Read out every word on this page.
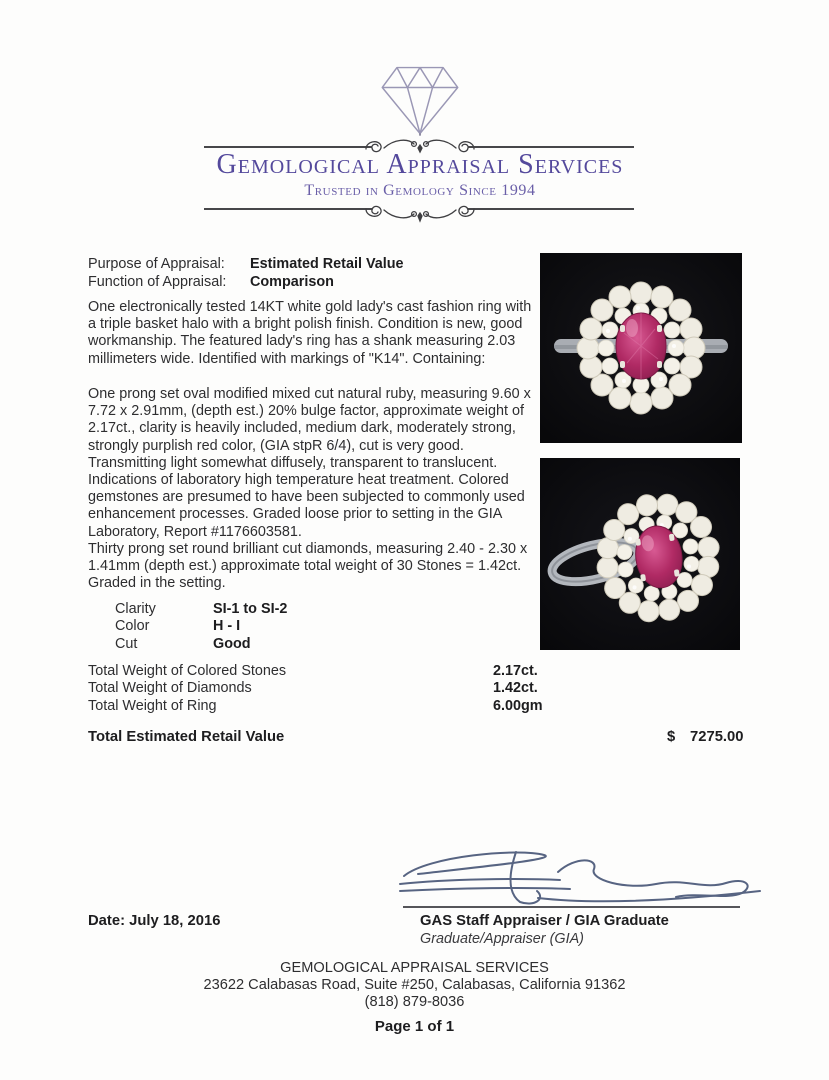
Gemological Appraisal Services
Trusted in Gemology Since 1994
Purpose of Appraisal:	Estimated Retail Value
Function of Appraisal:	Comparison
One electronically tested 14KT white gold lady's cast fashion ring with a triple basket halo with a bright polish finish. Condition is new, good workmanship. The featured lady's ring has a shank measuring 2.03 millimeters wide. Identified with markings of "K14". Containing:
One prong set oval modified mixed cut natural ruby, measuring 9.60 x 7.72 x 2.91mm, (depth est.) 20% bulge factor, approximate weight of 2.17ct., clarity is heavily included, medium dark, moderately strong, strongly purplish red color, (GIA stpR 6/4), cut is very good. Transmitting light somewhat diffusely, transparent to translucent. Indications of laboratory high temperature heat treatment. Colored gemstones are presumed to have been subjected to commonly used enhancement processes. Graded loose prior to setting in the GIA Laboratory, Report #1176603581.
Thirty prong set round brilliant cut diamonds, measuring 2.40 - 2.30 x 1.41mm (depth est.) approximate total weight of 30 Stones = 1.42ct. Graded in the setting.
Clarity	SI-1 to SI-2
Color	H - I
Cut	Good
Total Weight of Colored Stones	2.17ct.
Total Weight of Diamonds	1.42ct.
Total Weight of Ring	6.00gm
Total Estimated Retail Value	$ 7275.00
Date: July 18, 2016	GAS Staff Appraiser / GIA Graduate
Graduate/Appraiser (GIA)
GEMOLOGICAL APPRAISAL SERVICES
23622 Calabasas Road, Suite #250, Calabasas, California 91362
(818) 879-8036
Page 1 of 1
